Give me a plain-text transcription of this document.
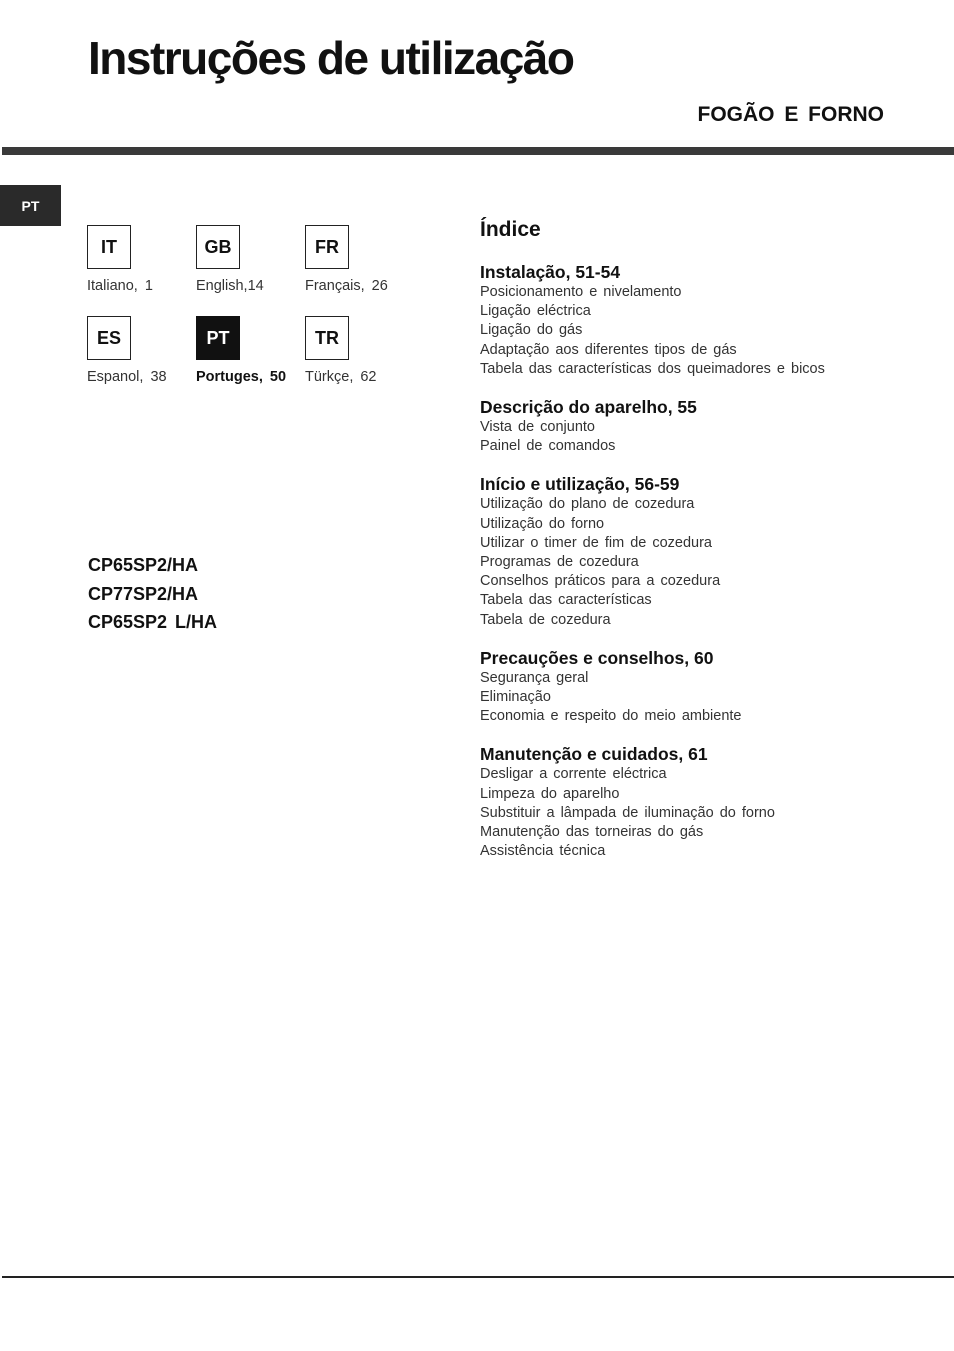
Instruções de utilização
FOGÃO E FORNO
PT
IT
Italiano, 1
GB
English,14
FR
Français, 26
ES
Espanol, 38
PT
Portuges, 50
TR
Türkçe, 62
CP65SP2/HA
CP77SP2/HA
CP65SP2 L/HA
Índice
Instalação, 51-54
Posicionamento e nivelamento
Ligação eléctrica
Ligação do gás
Adaptação aos diferentes tipos de gás
Tabela das características dos queimadores e bicos
Descrição do aparelho, 55
Vista de conjunto
Painel de comandos
Início e utilização, 56-59
Utilização do plano de cozedura
Utilização do forno
Utilizar o timer de fim de cozedura
Programas de cozedura
Conselhos práticos para a cozedura
Tabela das características
Tabela de cozedura
Precauções e conselhos, 60
Segurança geral
Eliminação
Economia e respeito do meio ambiente
Manutenção e cuidados, 61
Desligar a corrente eléctrica
Limpeza do aparelho
Substituir a lâmpada de iluminação do forno
Manutenção das torneiras do gás
Assistência técnica
